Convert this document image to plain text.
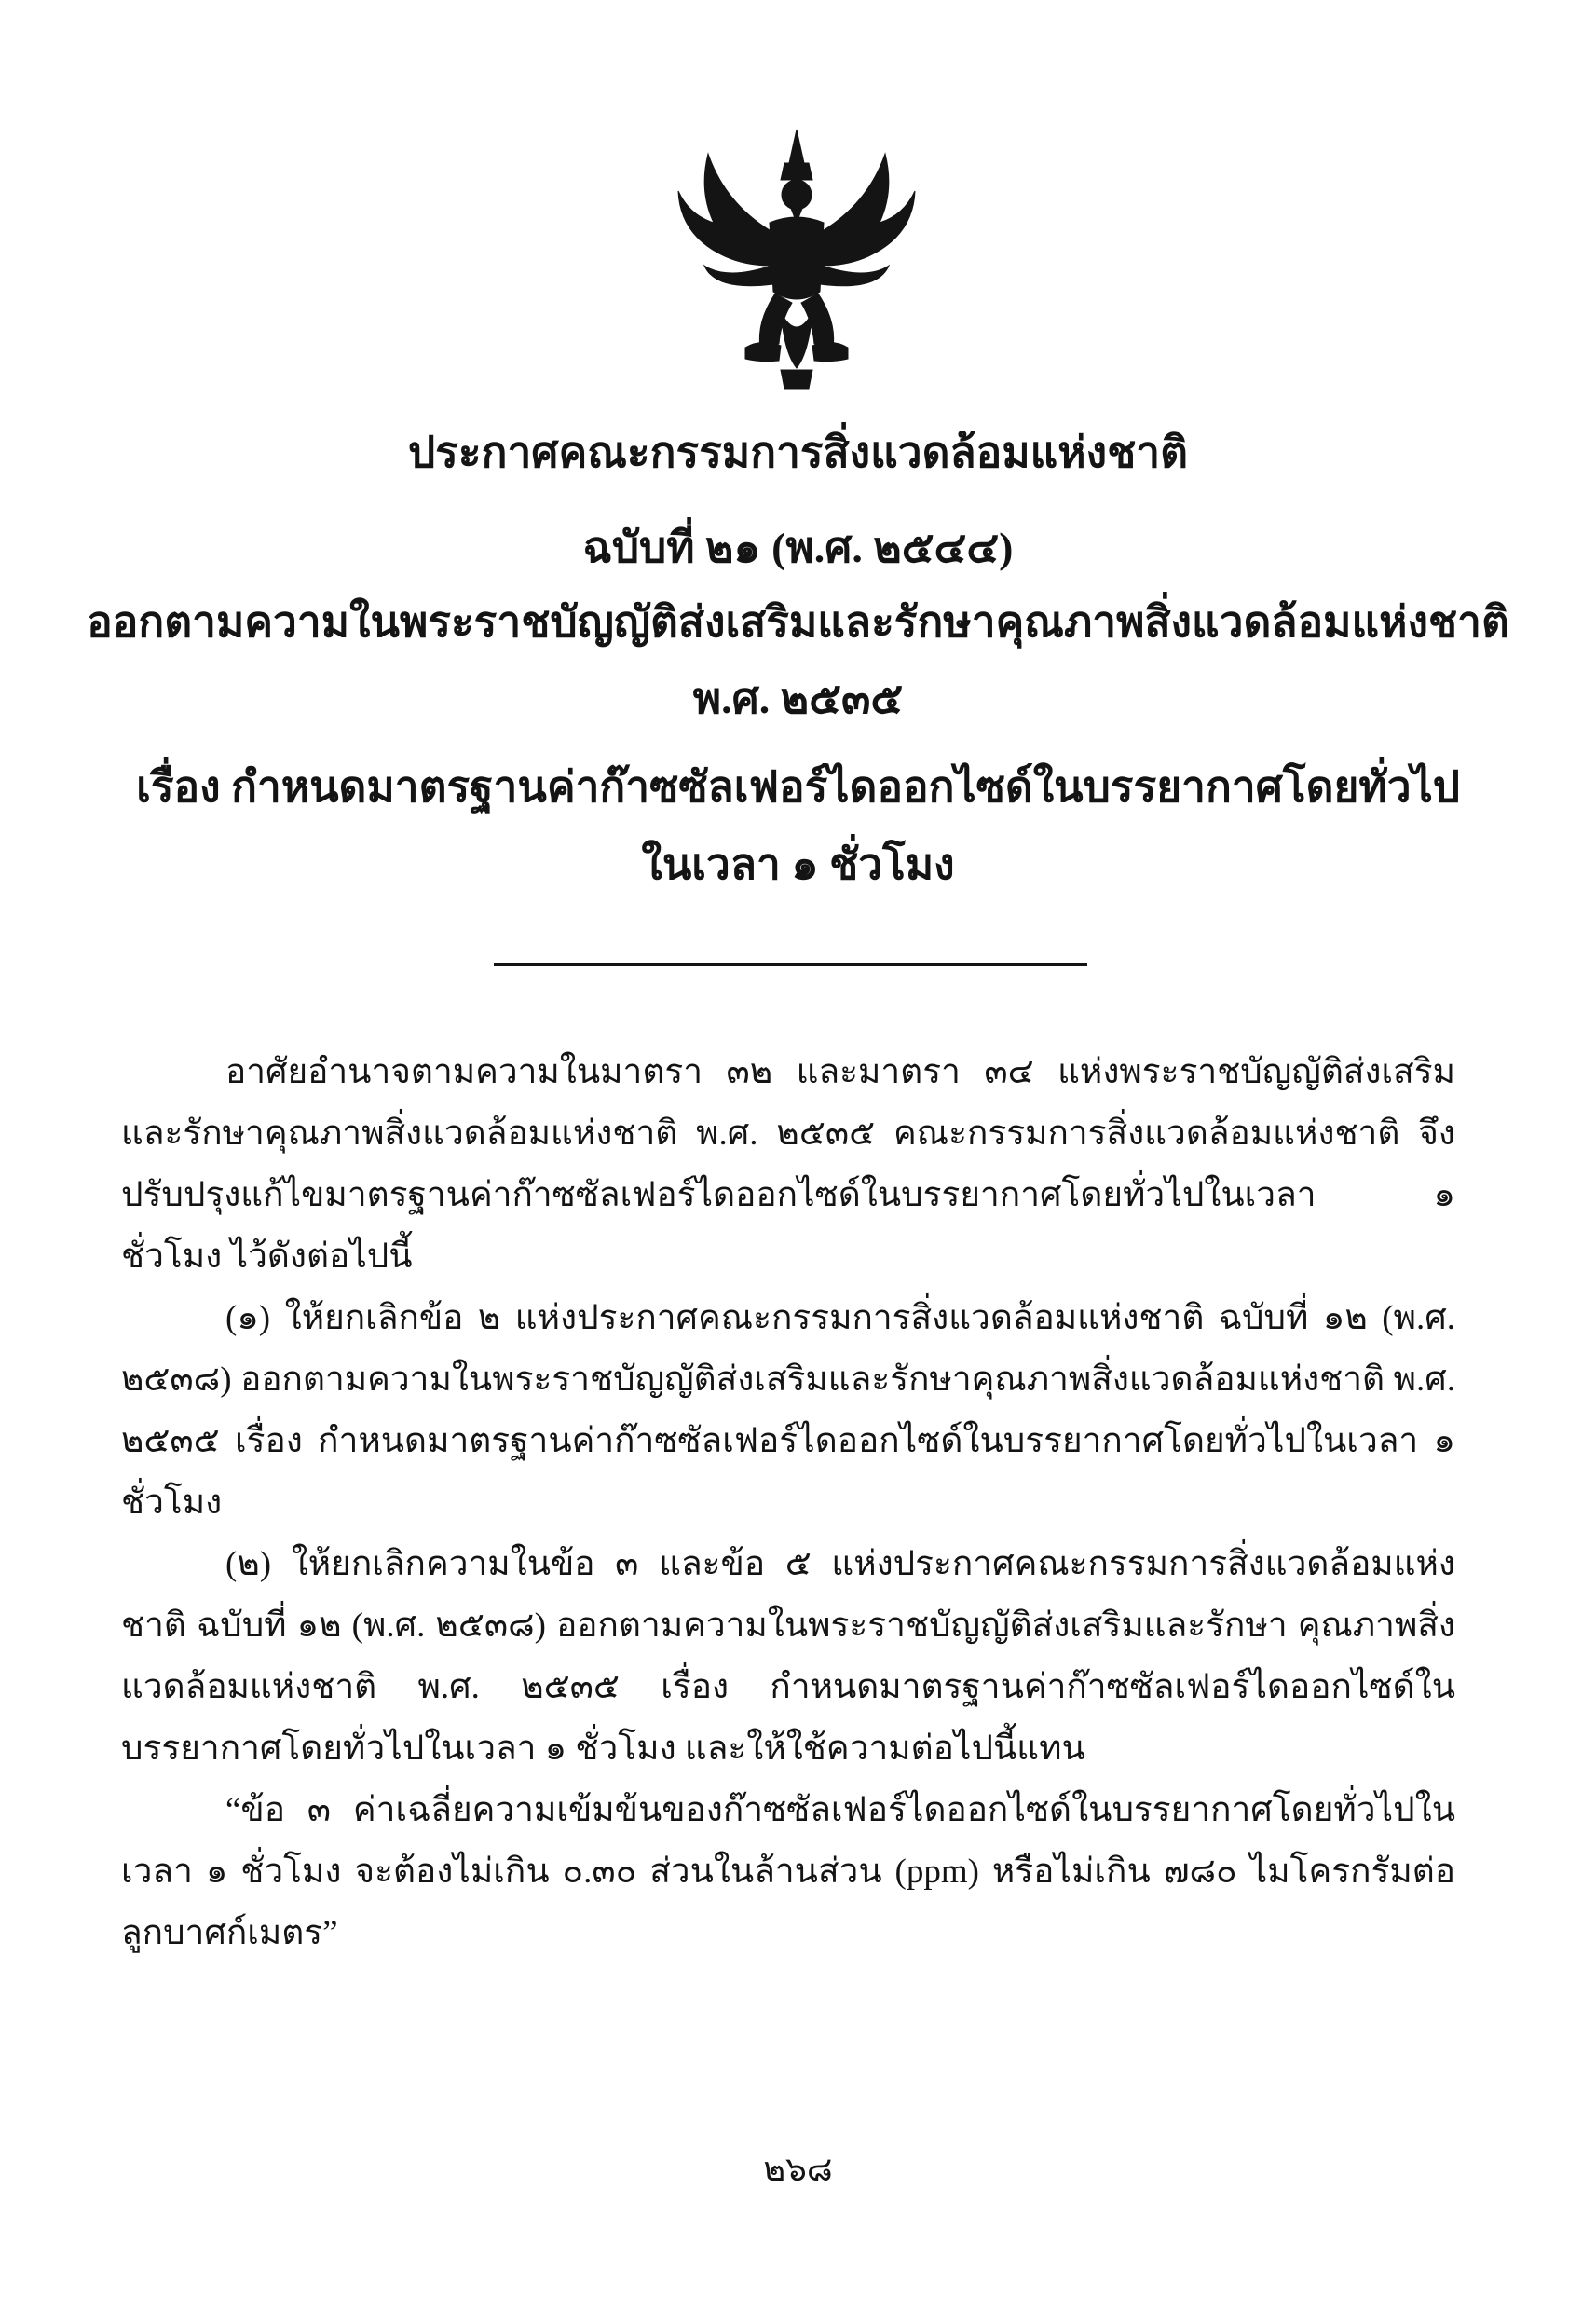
ประกาศคณะกรรมการสิ่งแวดล้อมแห่งชาติ
ฉบับที่ ๒๑ (พ.ศ. ๒๕๔๔)
ออกตามความในพระราชบัญญัติส่งเสริมและรักษาคุณภาพสิ่งแวดล้อมแห่งชาติ
พ.ศ. ๒๕๓๕
เรื่อง กำหนดมาตรฐานค่าก๊าซซัลเฟอร์ไดออกไซด์ในบรรยากาศโดยทั่วไป
ในเวลา ๑ ชั่วโมง

อาศัยอำนาจตามความในมาตรา ๓๒ และมาตรา ๓๔ แห่งพระราชบัญญัติส่งเสริมและรักษาคุณภาพสิ่งแวดล้อมแห่งชาติ พ.ศ. ๒๕๓๕ คณะกรรมการสิ่งแวดล้อมแห่งชาติ จึงปรับปรุงแก้ไขมาตรฐานค่าก๊าซซัลเฟอร์ไดออกไซด์ในบรรยากาศโดยทั่วไปในเวลา ๑ ชั่วโมง ไว้ดังต่อไปนี้

(๑) ให้ยกเลิกข้อ ๒ แห่งประกาศคณะกรรมการสิ่งแวดล้อมแห่งชาติ ฉบับที่ ๑๒ (พ.ศ. ๒๕๓๘) ออกตามความในพระราชบัญญัติส่งเสริมและรักษาคุณภาพสิ่งแวดล้อมแห่งชาติ พ.ศ. ๒๕๓๕ เรื่อง กำหนดมาตรฐานค่าก๊าซซัลเฟอร์ไดออกไซด์ในบรรยากาศโดยทั่วไปในเวลา ๑ ชั่วโมง

(๒) ให้ยกเลิกความในข้อ ๓ และข้อ ๕ แห่งประกาศคณะกรรมการสิ่งแวดล้อมแห่งชาติ ฉบับที่ ๑๒ (พ.ศ. ๒๕๓๘) ออกตามความในพระราชบัญญัติส่งเสริมและรักษา คุณภาพสิ่งแวดล้อมแห่งชาติ พ.ศ. ๒๕๓๕ เรื่อง กำหนดมาตรฐานค่าก๊าซซัลเฟอร์ไดออกไซด์ในบรรยากาศโดยทั่วไปในเวลา ๑ ชั่วโมง และให้ใช้ความต่อไปนี้แทน

“ข้อ ๓ ค่าเฉลี่ยความเข้มข้นของก๊าซซัลเฟอร์ไดออกไซด์ในบรรยากาศโดยทั่วไปในเวลา ๑ ชั่วโมง จะต้องไม่เกิน ๐.๓๐ ส่วนในล้านส่วน (ppm) หรือไม่เกิน ๗๘๐ ไมโครกรัมต่อลูกบาศก์เมตร”

๒๖๘
